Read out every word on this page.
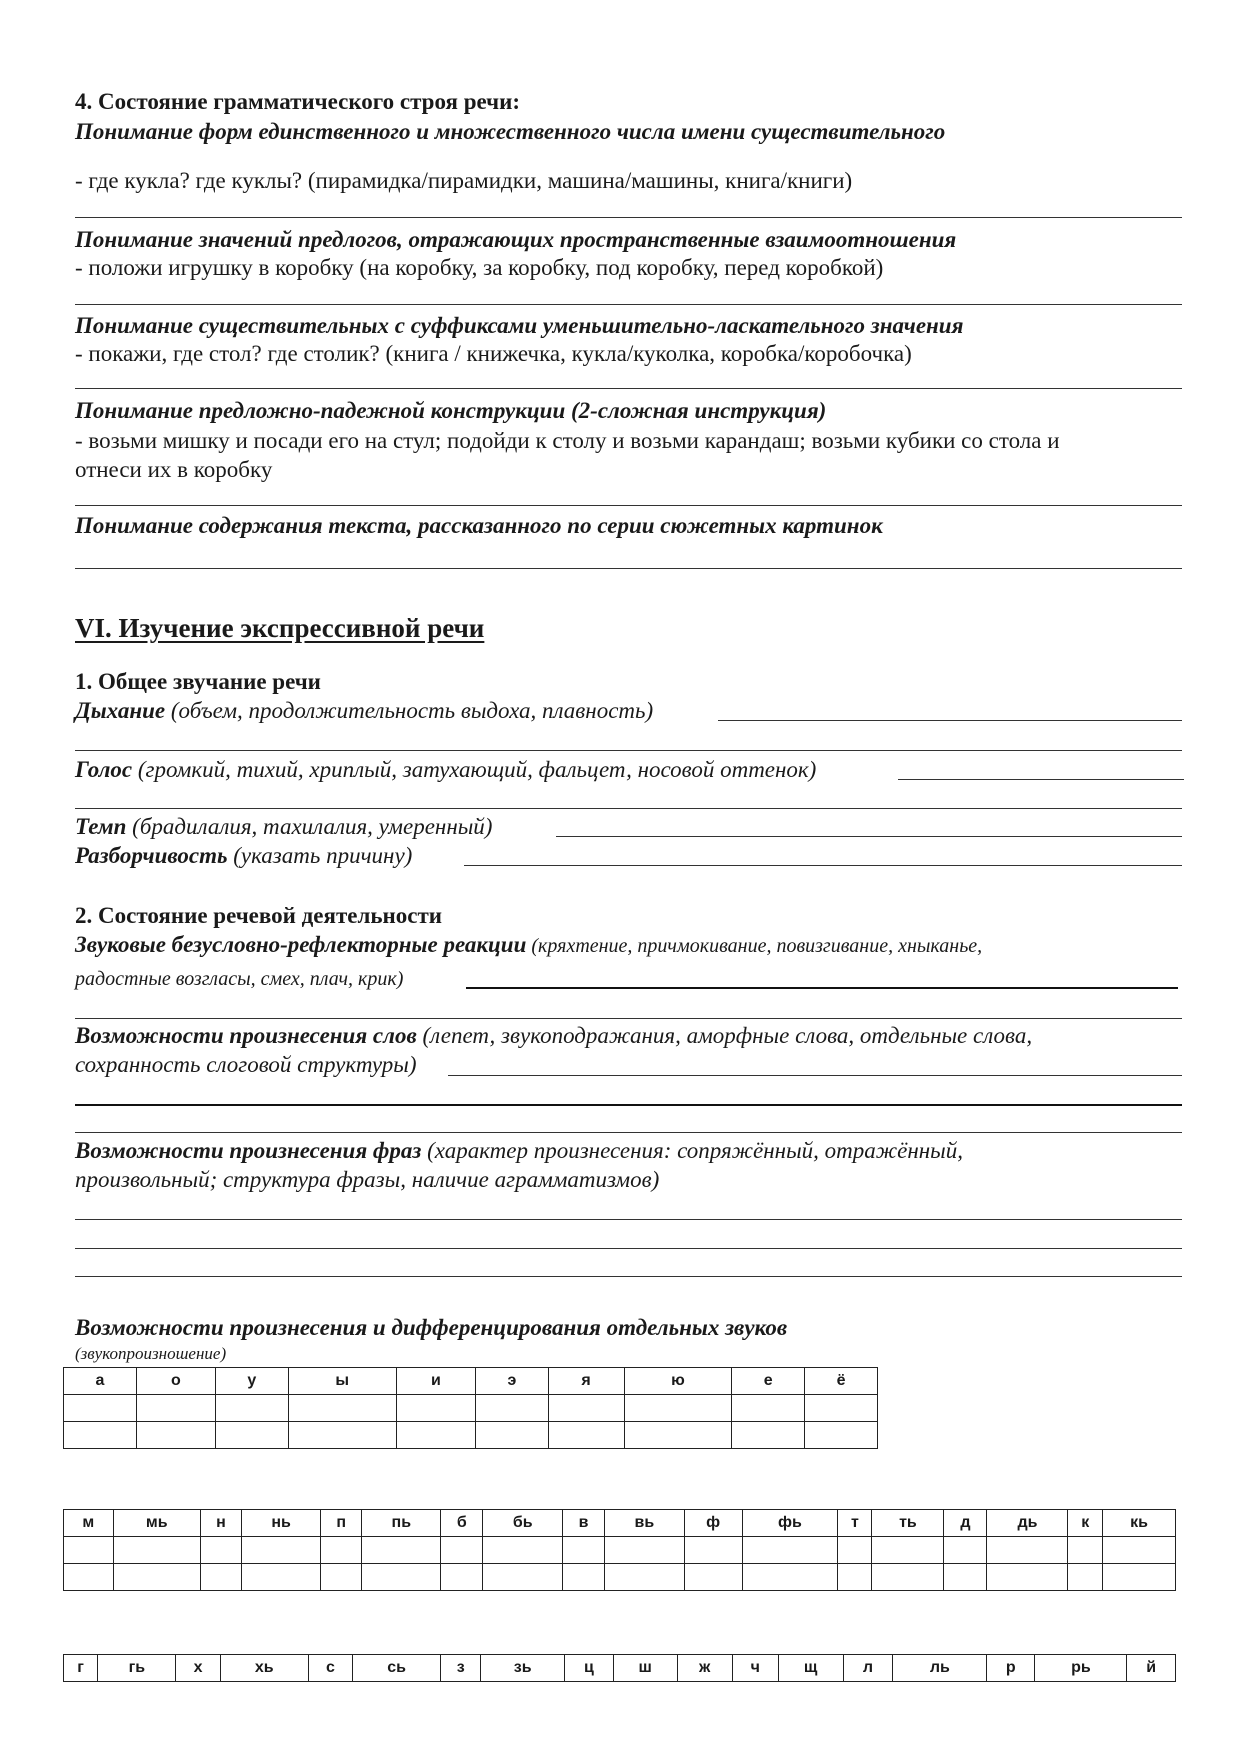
4. Состояние грамматического строя речи:
Понимание форм единственного и множественного числа имени существительного
- где кукла? где куклы? (пирамидка/пирамидки, машина/машины, книга/книги)
Понимание значений предлогов, отражающих пространственные взаимоотношения
- положи игрушку в коробку (на коробку, за коробку, под коробку, перед коробкой)
Понимание существительных с суффиксами уменьшительно-ласкательного значения
- покажи, где стол? где столик? (книга / книжечка, кукла/куколка, коробка/коробочка)
Понимание предложно-падежной конструкции (2-сложная инструкция)
- возьми мишку и посади его на стул; подойди к столу и возьми карандаш; возьми кубики со стола и
отнеси их в коробку
Понимание содержания текста, рассказанного по серии сюжетных картинок
VI. Изучение экспрессивной речи
1. Общее звучание речи
Дыхание (объем, продолжительность выдоха, плавность)
Голос (громкий, тихий, хриплый, затухающий, фальцет, носовой оттенок)
Темп (брадилалия, тахилалия, умеренный)
Разборчивость (указать причину)
2. Состояние речевой деятельности
Звуковые безусловно-рефлекторные реакции (кряхтение, причмокивание, повизгивание, хныканье,
радостные возгласы, смех, плач, крик)
Возможности произнесения слов (лепет, звукоподражания, аморфные слова, отдельные слова,
сохранность слоговой структуры)
Возможности произнесения фраз (характер произнесения: сопряжённый, отражённый,
произвольный; структура фразы, наличие аграмматизмов)
Возможности произнесения и дифференцирования отдельных звуков
(звукопроизношение)
а	о	у	ы	и	э	я	ю	е	ё

м	мь	н	нь	п	пь	б	бь	в	вь	ф	фь	т	ть	д	дь	к	кь

г	гь	х	хь	с	сь	з	зь	ц	ш	ж	ч	щ	л	ль	р	рь	й
